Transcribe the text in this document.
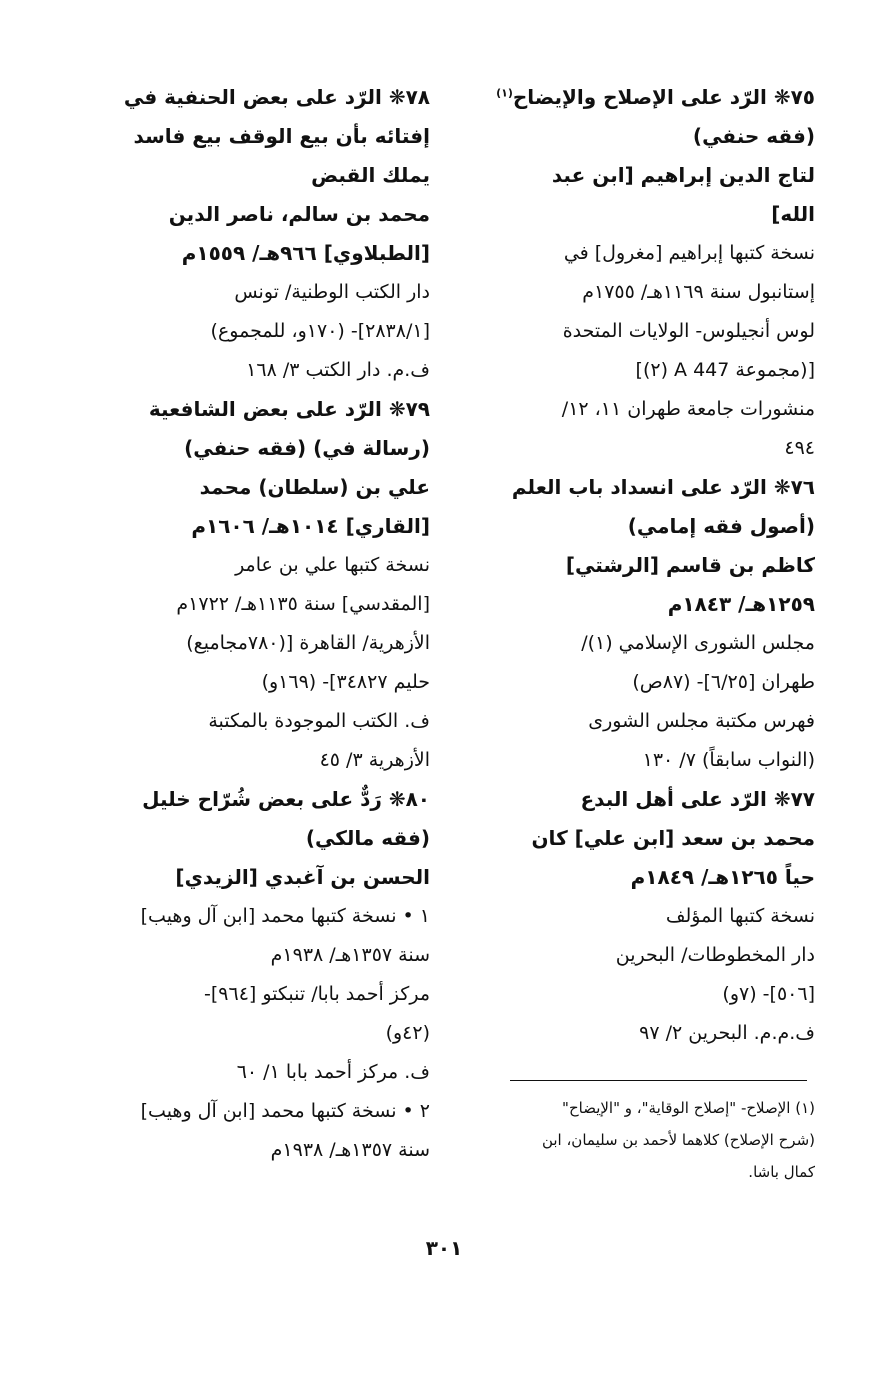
٧٥❋ الرّد على الإصلاح والإيضاح$^{(١)}$
(فقه حنفي)
لتاج الدين إبراهيم [ابن عبد
الله]
نسخة كتبها إبراهيم [مغرول] في
إستانبول سنة ١١٦٩هـ/ ١٧٥٥م
لوس أنجيلوس- الولايات المتحدة
[(مجموعة A 447 (٢)]
منشورات جامعة طهران ١١، ١٢/
٤٩٤
٧٦❋ الرّد على انسداد باب العلم
(أصول فقه إمامي)
كاظم بن قاسم [الرشتي]
١٢٥٩هـ/ ١٨٤٣م
مجلس الشورى الإسلامي (١)/
طهران [٦/٢٥]- (٨٧ص)
فهرس مكتبة مجلس الشورى
(النواب سابقاً) ٧/ ١٣٠
٧٧❋ الرّد على أهل البدع
محمد بن سعد [ابن علي] كان
حياً ١٢٦٥هـ/ ١٨٤٩م
نسخة كتبها المؤلف
دار المخطوطات/ البحرين
[٥٠٦]- (٧و)
ف.م.م. البحرين ٢/ ٩٧
٧٨❋ الرّد على بعض الحنفية في
إفتائه بأن بيع الوقف بيع فاسد
يملك القبض
محمد بن سالم، ناصر الدين
[الطبلاوي] ٩٦٦هـ/ ١٥٥٩م
دار الكتب الوطنية/ تونس
[٢٨٣٨/١]- (١٧٠و، للمجموع)
ف.م. دار الكتب ٣/ ١٦٨
٧٩❋ الرّد على بعض الشافعية
(رسالة في) (فقه حنفي)
علي بن (سلطان) محمد
[القاري] ١٠١٤هـ/ ١٦٠٦م
نسخة كتبها علي بن عامر
[المقدسي] سنة ١١٣٥هـ/ ١٧٢٢م
الأزهرية/ القاهرة [(٧٨٠مجاميع)
حليم ٣٤٨٢٧]- (١٦٩و)
ف. الكتب الموجودة بالمكتبة
الأزهرية ٣/ ٤٥
٨٠❋ رَدٌّ على بعض شُرّاح خليل
(فقه مالكي)
الحسن بن آغبدي [الزيدي]
١ • نسخة كتبها محمد [ابن آل وهيب]
سنة ١٣٥٧هـ/ ١٩٣٨م
مركز أحمد بابا/ تنبكتو [٩٦٤]-
(٤٢و)
ف. مركز أحمد بابا ١/ ٦٠
٢ • نسخة كتبها محمد [ابن آل وهيب]
سنة ١٣٥٧هـ/ ١٩٣٨م
(١) الإصلاح- "إصلاح الوقاية"، و "الإيضاح"
(شرح الإصلاح) كلاهما لأحمد بن سليمان، ابن
كمال باشا.
٣٠١
